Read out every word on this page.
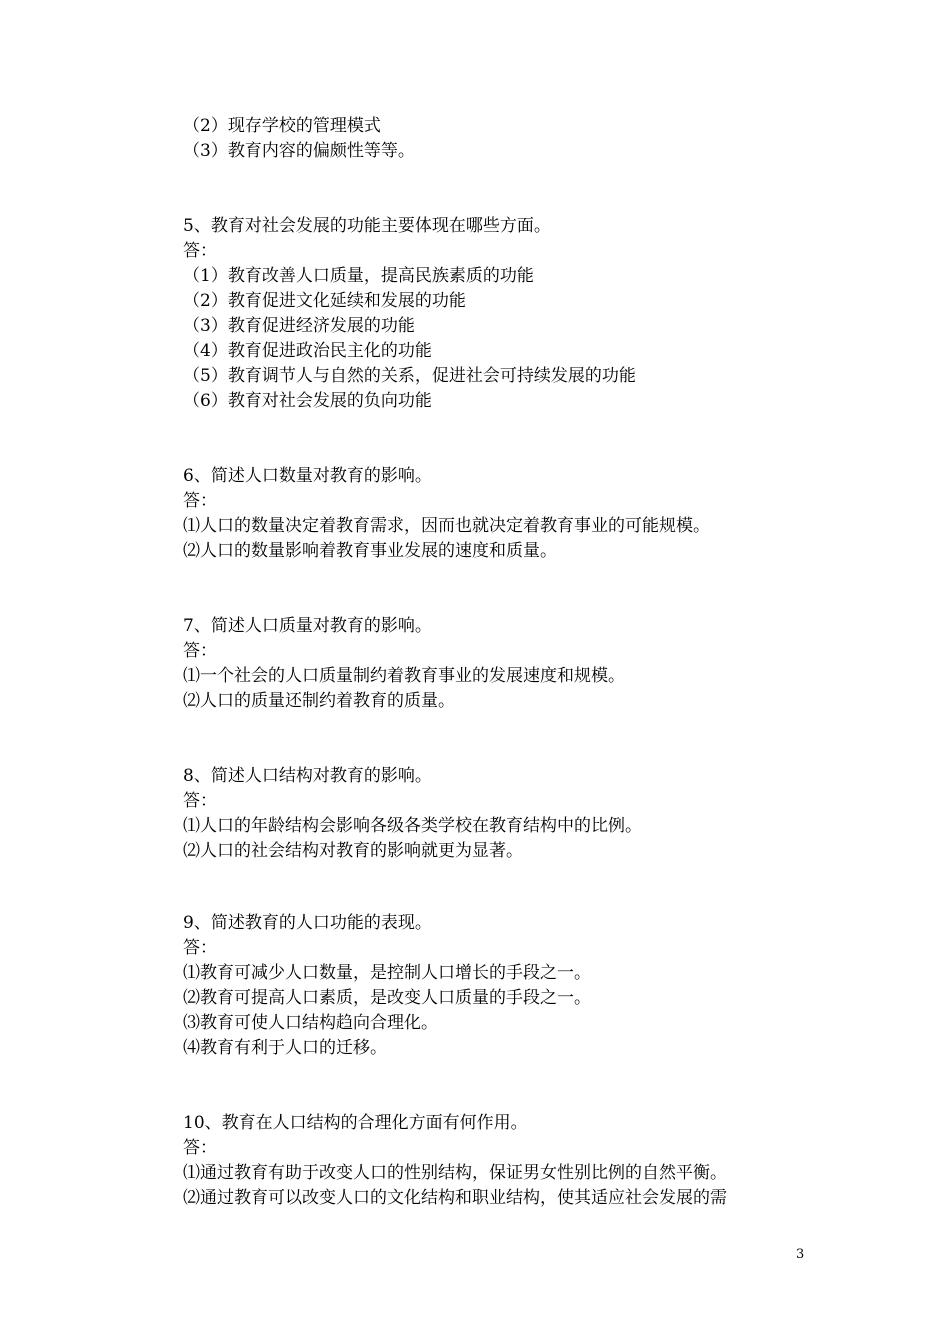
（2）现存学校的管理模式
（3）教育内容的偏颇性等等。
5、教育对社会发展的功能主要体现在哪些方面。
答：
（1）教育改善人口质量，提高民族素质的功能
（2）教育促进文化延续和发展的功能
（3）教育促进经济发展的功能
（4）教育促进政治民主化的功能
（5）教育调节人与自然的关系，促进社会可持续发展的功能
（6）教育对社会发展的负向功能
6、简述人口数量对教育的影响。
答：
⑴人口的数量决定着教育需求，因而也就决定着教育事业的可能规模。
⑵人口的数量影响着教育事业发展的速度和质量。
7、简述人口质量对教育的影响。
答：
⑴一个社会的人口质量制约着教育事业的发展速度和规模。
⑵人口的质量还制约着教育的质量。
8、简述人口结构对教育的影响。
答：
⑴人口的年龄结构会影响各级各类学校在教育结构中的比例。
⑵人口的社会结构对教育的影响就更为显著。
9、简述教育的人口功能的表现。
答：
⑴教育可减少人口数量，是控制人口增长的手段之一。
⑵教育可提高人口素质，是改变人口质量的手段之一。
⑶教育可使人口结构趋向合理化。
⑷教育有利于人口的迁移。
10、教育在人口结构的合理化方面有何作用。
答：
⑴通过教育有助于改变人口的性别结构，保证男女性别比例的自然平衡。
⑵通过教育可以改变人口的文化结构和职业结构，使其适应社会发展的需
3
